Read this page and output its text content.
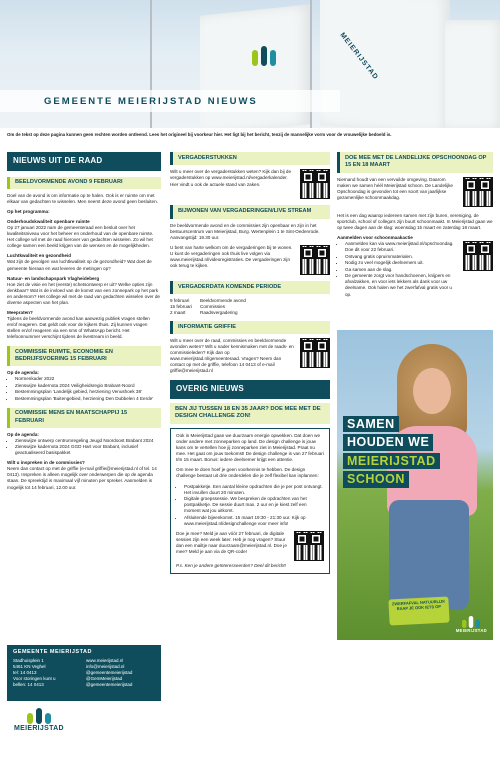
MEIERIJSTAD
GEMEENTE MEIERIJSTAD NIEUWS
Om de tekst op deze pagina kunnen geen rechten worden ontleend. Lees het origineel bij voorkeur hier. Het ligt bij het bericht, tenzij de mannelijke vorm voor de vrouwelijke bedoeld is.
NIEUWS UIT DE RAAD
BEELDVORMENDE AVOND 9 FEBRUARI

Doel van de avond is om informatie op te halen. Ook is er ruimte om met elkaar van gedachten te wisselen. Men neemt deze avond geen besluiten.

Op het programma:

Onderhoudskwaliteit openbare ruimte
Op 27 januari 2022 nam de gemeenteraad een besluit over het kwaliteitsniveau voor het beheer en onderhoud van de openbare ruimte. Het college wil met de raad hierover van gedachten wisselen. Zo wil het college samen een beeld krijgen van de wensen en de mogelijkheden.

Luchtkwaliteit en gezondheid
Wat zijn de gevolgen van luchtkwaliteit op de gezondheid? Wat doet de gemeente hieraan en wat leveren de metingen op?

Natuur- en landschapspark Vlagheideberg
Hoe ziet de visie en het (eerste) schetsontwerp er uit? Welke opties zijn denkbaar? Wat is de invloed van de komst van een zonnepark op het park en andersom? Het college wil met de raad van gedachten wisselen over de diverse aspecten van het plan.

Meepraten?
Tijdens de beeldvormende avond kan aanwezig publiek vragen stellen en/of reageren. Dat geldt ook voor de kijkers thuis. Zij kunnen vragen stellen en/of reageren via een sms of WhatsApp bericht. Het telefoonnummer verschijnt tijdens de livestream in beeld.

COMMISSIE RUIMTE, ECONOMIE EN BEDRIJFSVOERING 15 FEBRUARI
Op de agenda:
• Normenkader 2022
• Zienswijze kadernota 2024 Veiligheidsregio Brabant-Noord
• Bestemmingsplan 'Landelijk gebied, herziening Venushoek 38'
• Bestemmingsplan 'Buitengebied, herziening Den Dubbelen 4 Eerde'
COMMISSIE MENS EN MAATSCHAPPIJ 15 FEBRUARI
Op de agenda:
• Zienswijze ontwerp centrumregeling Jeugd Noordoost Brabant 2024
• Zienswijze kadernota 2024 GGD Hart voor Brabant, inclusief geactualiseerd basispakket

Wilt u inspreken in de commissies?
Neem dan contact op met de griffie (e-mail griffie@meierijstad.nl of tel. 14 0413). Inspreken is alleen mogelijk over onderwerpen die op de agenda staan. De spreektijd is maximaal vijf minuten per spreker. Aanmelden is mogelijk tot 14 februari, 12.00 uur.

GEMEENTE MEIERIJSTAD
Stadhuisplein 1
5461 KN Veghel
tel: 14 0413
Voor storingen kunt u
bellen: 14 0413
www.meierijstad.nl
info@meierijstad.nl
@gemeentemeierijstad
@GemMeierijstad
@gemeentemeierijstad
MEIERIJSTAD
VERGADERSTUKKEN
Wilt u meer over de vergaderstukken weten? Kijk dan bij de vergaderstukken op www.meierijstad.nl/vergaderkalender. Hier vindt u ook de actuele stand van zaken.
BIJWONEN VAN VERGADERINGEN/LIVE STREAM

De beeldvormende avond en de commissies zijn openbaar en zijn in het bestuurscentrum van Meierijstad, Burg. Wertenplein 1 te Sint-Oedenrode. Aanvangstijd: 19.30 uur.

U bent van harte welkom om de vergaderingen bij te wonen. U kunt de vergaderingen ook thuis live volgen via www.meierijstad.nl/videoregistraties. De vergaderingen zijn ook terug te kijken.
VERGADERDATA KOMENDE PERIODE
9 februari	Beeldvormende avond
15 februari	Commissies
2 maart	Raadsvergadering
INFORMATIE GRIFFIE
Wilt u meer over de raad, commissies en beeldvormende avonden weten? Wilt u nader kennismaken met de raads- en commissieleden? Kijk dan op www.meierijstad.nl/gemeenteraad. Vragen? Neem dan contact op met de griffie, telefoon 14 0413 of e-mail griffie@meierijstad.nl
OVERIG NIEUWS
BEN JIJ TUSSEN 18 EN 35 JAAR? DOE MEE MET DE DESIGN CHALLENGE ZON!

Ook in Meierijstad gaan we duurzaam energie opwekken. Dat doen we onder andere met zonneparken op land. De design challenge is jouw kans om te vertellen hoe jij zonneparken ziet in Meierijstad. Praat nu mee. Het gaat om jouw toekomst! De design challenge is van 27 februari t/m 15 maart. Bonus: iedere deelnemer krijgt een attentie.

Om mee te doen hoef je geen voorkennis te hebben. De design challenge bestaat uit drie onderdelen die je zelf flexibel kan inplannen:

• Postpakketje. Een aantal kleine opdrachten die je per post ontvangt. Het invullen duurt 20 minuten.
• Digitale groepssessie. We bespreken de opdrachten van het postpakketje. De sessie duurt max. 2 uur en je kiest zelf een moment wat jou uitkomt.
• Afsluitende bijeenkomst. 15 maart 19:30 - 21:30 uur. Kijk op www.meierijstad.nl/designchallenge voor meer info!
Doe je mee? Meld je aan vóór 27 februari, de digitale sessies zijn een week later. Heb je nog vragen? Stuur dan een mailtje naar duurzaam@meierijstad.nl. Doe je mee? Meld je aan via de QR-code!

P.s. Ken je andere geïnteresseerden? Deel dit bericht!

DOE MEE MET DE LANDELIJKE OPSCHOONDAG OP 15 EN 18 MAART
Niemand houdt van een vervuilde omgeving. Daarom maken we samen héél Meierijstad schoon. De Landelijke Opschoondag is gevonden tot een soort van jaarlijkse gezamenlijke schoonmaakdag.

Het is een dag waarop iedereen samen met zijn buren, vereniging, de sportclub, school of collega's zijn buurt schoonmaakt. In Meierijstad gaan we op twee dagen aan de slag: woensdag 15 maart en zaterdag 18 maart.

Aanmelden voor schoonmaakactie
• Aanmelden kan via www.meierijstad.nl/opschoondag. Doe dit voor 22 februari.
• Ontvang gratis opruimmaterialen.
• Nodig zo veel mogelijk deelnemers uit.
• Ga samen aan de slag.
• De gemeente zorgt voor handschoenen, knijpers en afvalzakken, en voor iets lekkers als dank voor uw deelname. Ook halen we het zwerfafval gratis voor u op.
SAMEN
HOUDEN WE
MEIERIJSTAD
SCHOON
ZWERFAFVAL NATUURLIJK RAAP JE OOK IETS OP
MEIERIJSTAD
